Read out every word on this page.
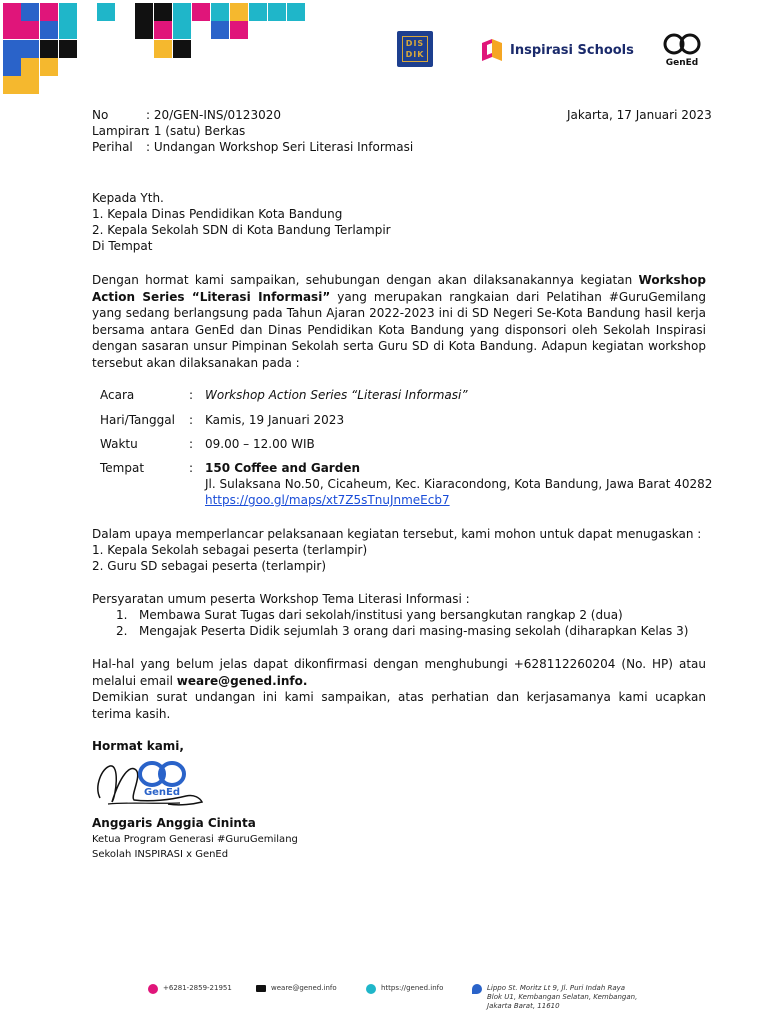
DIS DIK	Inspirasi Schools
GenEd
No	: 20/GEN-INS/0123020	Jakarta, 17 Januari 2023
Lampiran
: 1 (satu) Berkas
Perihal : Undangan Workshop Seri Literasi Informasi
Kepada Yth.
1. Kepala Dinas Pendidikan Kota Bandung
2. Kepala Sekolah SDN di Kota Bandung Terlampir
Di Tempat
Dengan hormat kami sampaikan, sehubungan dengan akan dilaksanakannya kegiatan Workshop Action Series “Literasi Informasi” yang merupakan rangkaian dari Pelatihan #GuruGemilang yang sedang berlangsung pada Tahun Ajaran 2022-2023 ini di SD Negeri Se-Kota Bandung hasil kerja bersama antara GenEd dan Dinas Pendidikan Kota Bandung yang disponsori oleh Sekolah Inspirasi dengan sasaran unsur Pimpinan Sekolah serta Guru SD di Kota Bandung. Adapun kegiatan workshop tersebut akan dilaksanakan pada :
Acara	: Workshop Action Series “Literasi Informasi”
Hari/Tanggal : Kamis, 19 Januari 2023
Waktu	: 09.00 – 12.00 WIB
Tempat	: 150 Coffee and Garden
Jl. Sulaksana No.50, Cicaheum, Kec. Kiaracondong, Kota Bandung, Jawa Barat 40282
https://goo.gl/maps/xt7Z5sTnuJnmeEcb7
Dalam upaya memperlancar pelaksanaan kegiatan tersebut, kami mohon untuk dapat menugaskan :
1. Kepala Sekolah sebagai peserta (terlampir)
2. Guru SD sebagai peserta (terlampir)
Persyaratan umum peserta Workshop Tema Literasi Informasi :
1. Membawa Surat Tugas dari sekolah/institusi yang bersangkutan rangkap 2 (dua)
2. Mengajak Peserta Didik sejumlah 3 orang dari masing-masing sekolah (diharapkan Kelas 3)
Hal-hal yang belum jelas dapat dikonfirmasi dengan menghubungi +628112260204 (No. HP) atau melalui email weare@gened.info.
Demikian surat undangan ini kami sampaikan, atas perhatian dan kerjasamanya kami ucapkan terima kasih.
Hormat kami,
GenEd
Anggaris Anggia Cininta
Ketua Program Generasi #GuruGemilang
Sekolah INSPIRASI x GenEd
+6281-2859-21951	weare@gened.info	https://gened.info	Lippo St. Moritz Lt 9, Jl. Puri Indah Raya Blok U1, Kembangan Selatan, Kembangan, Jakarta Barat, 11610
